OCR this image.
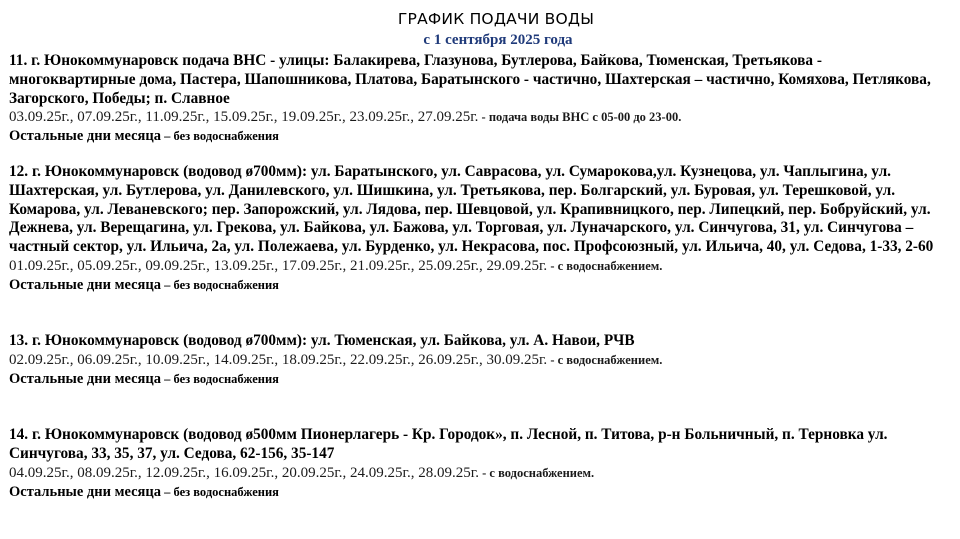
ГРАФИК ПОДАЧИ ВОДЫ
с 1 сентября 2025 года
11. г. Юнокоммунаровск подача ВНС - улицы: Балакирева, Глазунова, Бутлерова, Байкова, Тюменская, Третьякова - многоквартирные дома, Пастера, Шапошникова, Платова, Баратынского - частично, Шахтерская – частично, Комяхова, Петлякова, Загорского, Победы; п. Славное
03.09.25г., 07.09.25г., 11.09.25г., 15.09.25г., 19.09.25г., 23.09.25г., 27.09.25г. - подача воды ВНС с 05-00 до 23-00.
Остальные дни месяца – без водоснабжения
12. г. Юнокоммунаровск (водовод ø700мм): ул. Баратынского, ул. Саврасова, ул. Сумарокова,ул. Кузнецова, ул. Чаплыгина, ул. Шахтерская, ул. Бутлерова, ул. Данилевского, ул. Шишкина, ул. Третьякова, пер. Болгарский, ул. Буровая, ул. Терешковой, ул. Комарова, ул. Леваневского; пер. Запорожский, ул. Лядова, пер. Шевцовой, ул. Крапивницкого, пер. Липецкий, пер. Бобруйский, ул. Дежнева, ул. Верещагина, ул. Грекова, ул. Байкова, ул. Бажова, ул. Торговая, ул. Луначарского, ул. Синчугова, 31, ул. Синчугова – частный сектор, ул. Ильича, 2а, ул. Полежаева, ул. Бурденко, ул. Некрасова, пос. Профсоюзный, ул. Ильича, 40, ул. Седова, 1-33, 2-60
01.09.25г., 05.09.25г., 09.09.25г., 13.09.25г., 17.09.25г., 21.09.25г., 25.09.25г., 29.09.25г. - с водоснабжением.
Остальные дни месяца – без водоснабжения
13. г. Юнокоммунаровск (водовод ø700мм): ул. Тюменская, ул. Байкова, ул. А. Навои, РЧВ
02.09.25г., 06.09.25г., 10.09.25г., 14.09.25г., 18.09.25г., 22.09.25г., 26.09.25г., 30.09.25г. - с водоснабжением.
Остальные дни месяца – без водоснабжения
14. г. Юнокоммунаровск (водовод ø500мм Пионерлагерь - Кр. Городок», п. Лесной, п. Титова, р-н Больничный, п. Терновка ул. Синчугова, 33, 35, 37, ул. Седова, 62-156, 35-147
04.09.25г., 08.09.25г., 12.09.25г., 16.09.25г., 20.09.25г., 24.09.25г., 28.09.25г. - с водоснабжением.
Остальные дни месяца – без водоснабжения
